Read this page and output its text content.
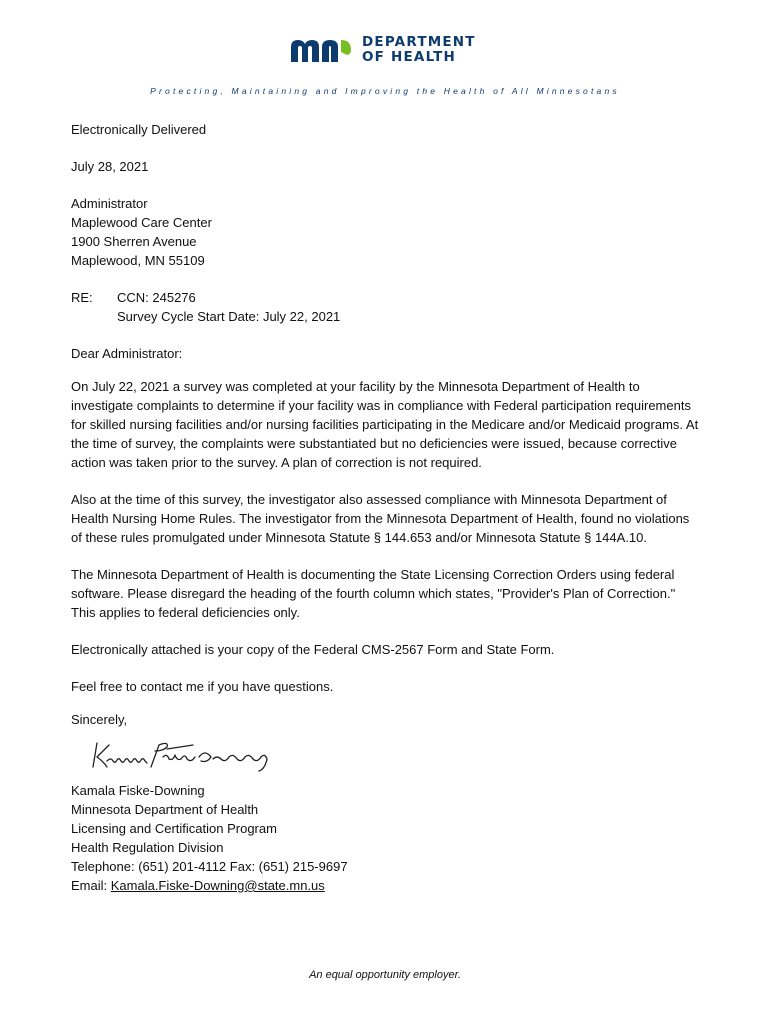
DEPARTMENT
OF HEALTH
Protecting, Maintaining and Improving the Health of All Minnesotans
Electronically Delivered
July 28, 2021
Administrator
Maplewood Care Center
1900 Sherren Avenue
Maplewood, MN 55109
RE:	CCN: 245276
Survey Cycle Start Date: July 22, 2021
Dear Administrator:

On July 22, 2021 a survey was completed at your facility by the Minnesota Department of Health to investigate complaints to determine if your facility was in compliance with Federal participation requirements for skilled nursing facilities and/or nursing facilities participating in the Medicare and/or Medicaid programs. At the time of survey, the complaints were substantiated but no deficiencies were issued, because corrective action was taken prior to the survey. A plan of correction is not required.

Also at the time of this survey, the investigator also assessed compliance with Minnesota Department of Health Nursing Home Rules. The investigator from the Minnesota Department of Health, found no violations of these rules promulgated under Minnesota Statute § 144.653 and/or Minnesota Statute § 144A.10.

The Minnesota Department of Health is documenting the State Licensing Correction Orders using federal software. Please disregard the heading of the fourth column which states, "Provider's Plan of Correction." This applies to federal deficiencies only.

Electronically attached is your copy of the Federal CMS-2567 Form and State Form.

Feel free to contact me if you have questions.

Sincerely,
Kamala Fiske-Downing
Minnesota Department of Health
Licensing and Certification Program
Health Regulation Division
Telephone: (651) 201-4112 Fax: (651) 215-9697
Email: Kamala.Fiske-Downing@state.mn.us
An equal opportunity employer.
